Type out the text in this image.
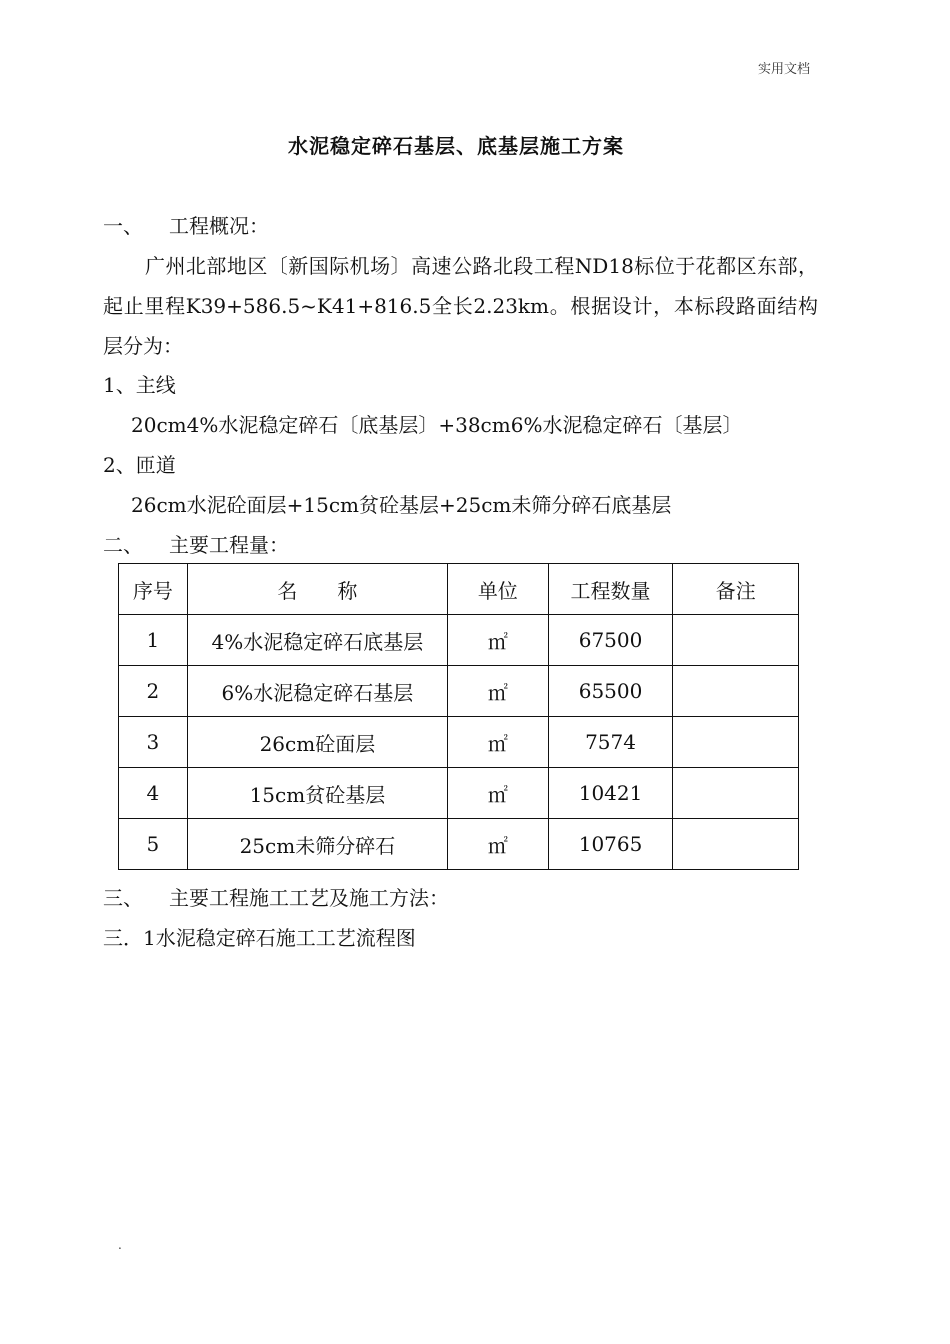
实用文档
水泥稳定碎石基层、底基层施工方案
一、 工程概况：
广州北部地区〔新国际机场〕高速公路北段工程ND18标位于花都区东部，起止里程K39+586.5~K41+816.5全长2.23km。根据设计，本标段路面结构层分为：
1、主线
20cm4%水泥稳定碎石〔底基层〕+38cm6%水泥稳定碎石〔基层〕
2、匝道
26cm水泥砼面层+15cm贫砼基层+25cm未筛分碎石底基层
二、 主要工程量：
序号	名　　称	单位	工程数量	备注
1	4%水泥稳定碎石底基层	㎡	67500	
2	6%水泥稳定碎石基层	㎡	65500	
3	26cm砼面层	㎡	7574	
4	15cm贫砼基层	㎡	10421	
5	25cm未筛分碎石	㎡	10765	
三、 主要工程施工工艺及施工方法：
三．1水泥稳定碎石施工工艺流程图
.
